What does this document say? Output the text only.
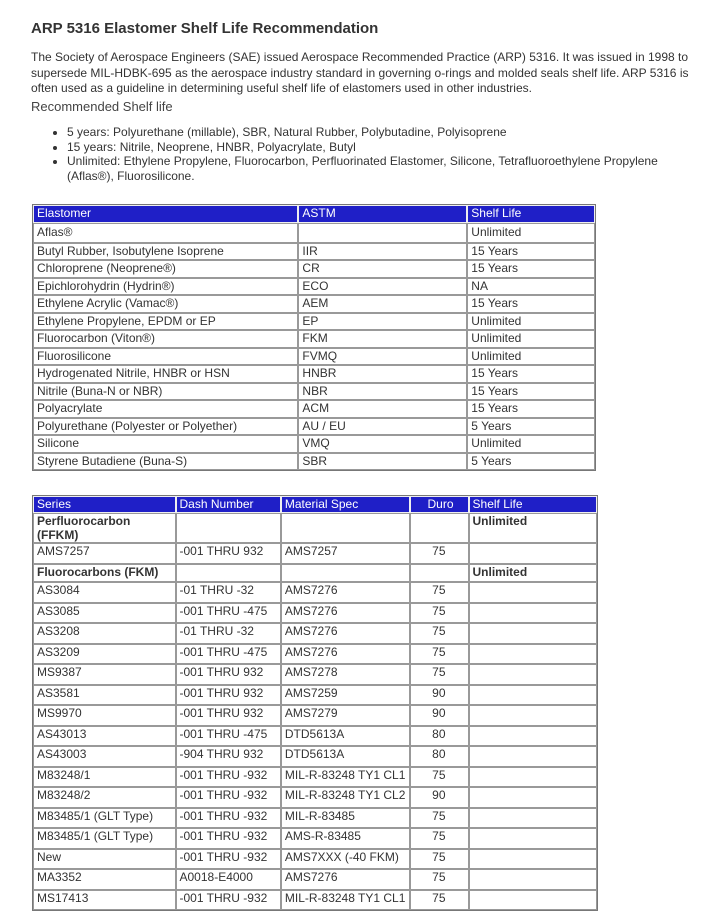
ARP 5316 Elastomer Shelf Life Recommendation

The Society of Aerospace Engineers (SAE) issued Aerospace Recommended Practice (ARP) 5316. It was issued in 1998 to supersede MIL-HDBK-695 as the aerospace industry standard in governing o-rings and molded seals shelf life. ARP 5316 is often used as a guideline in determining useful shelf life of elastomers used in other industries.

Recommended Shelf life

• 5 years: Polyurethane (millable), SBR, Natural Rubber, Polybutadine, Polyisoprene
• 15 years: Nitrile, Neoprene, HNBR, Polyacrylate, Butyl
• Unlimited: Ethylene Propylene, Fluorocarbon, Perfluorinated Elastomer, Silicone, Tetrafluoroethylene Propylene (Aflas®), Fluorosilicone.
Elastomer	ASTM	Shelf Life
Aflas®		Unlimited
Butyl Rubber, Isobutylene Isoprene	IIR	15 Years
Chloroprene (Neoprene®)	CR	15 Years
Epichlorohydrin (Hydrin®)	ECO	NA
Ethylene Acrylic (Vamac®)	AEM	15 Years
Ethylene Propylene, EPDM or EP	EP	Unlimited
Fluorocarbon (Viton®)	FKM	Unlimited
Fluorosilicone	FVMQ	Unlimited
Hydrogenated Nitrile, HNBR or HSN	HNBR	15 Years
Nitrile (Buna-N or NBR)	NBR	15 Years
Polyacrylate	ACM	15 Years
Polyurethane (Polyester or Polyether)	AU / EU	5 Years
Silicone	VMQ	Unlimited
Styrene Butadiene (Buna-S)	SBR	5 Years
Series	Dash Number	Material Spec	Duro	Shelf Life
Perfluorocarbon (FFKM)				Unlimited
AMS7257	-001 THRU 932	AMS7257	75	
Fluorocarbons (FKM)				Unlimited
AS3084	-01 THRU -32	AMS7276	75	
AS3085	-001 THRU -475	AMS7276	75	
AS3208	-01 THRU -32	AMS7276	75	
AS3209	-001 THRU -475	AMS7276	75	
MS9387	-001 THRU 932	AMS7278	75	
AS3581	-001 THRU 932	AMS7259	90	
MS9970	-001 THRU 932	AMS7279	90	
AS43013	-001 THRU -475	DTD5613A	80	
AS43003	-904 THRU 932	DTD5613A	80	
M83248/1	-001 THRU -932	MIL-R-83248 TY1 CL1	75	
M83248/2	-001 THRU -932	MIL-R-83248 TY1 CL2	90	
M83485/1 (GLT Type)	-001 THRU -932	MIL-R-83485	75	
M83485/1 (GLT Type)	-001 THRU -932	AMS-R-83485	75	
New	-001 THRU -932	AMS7XXX (-40 FKM)	75	
MA3352	A0018-E4000	AMS7276	75	
MS17413	-001 THRU -932	MIL-R-83248 TY1 CL1	75	
